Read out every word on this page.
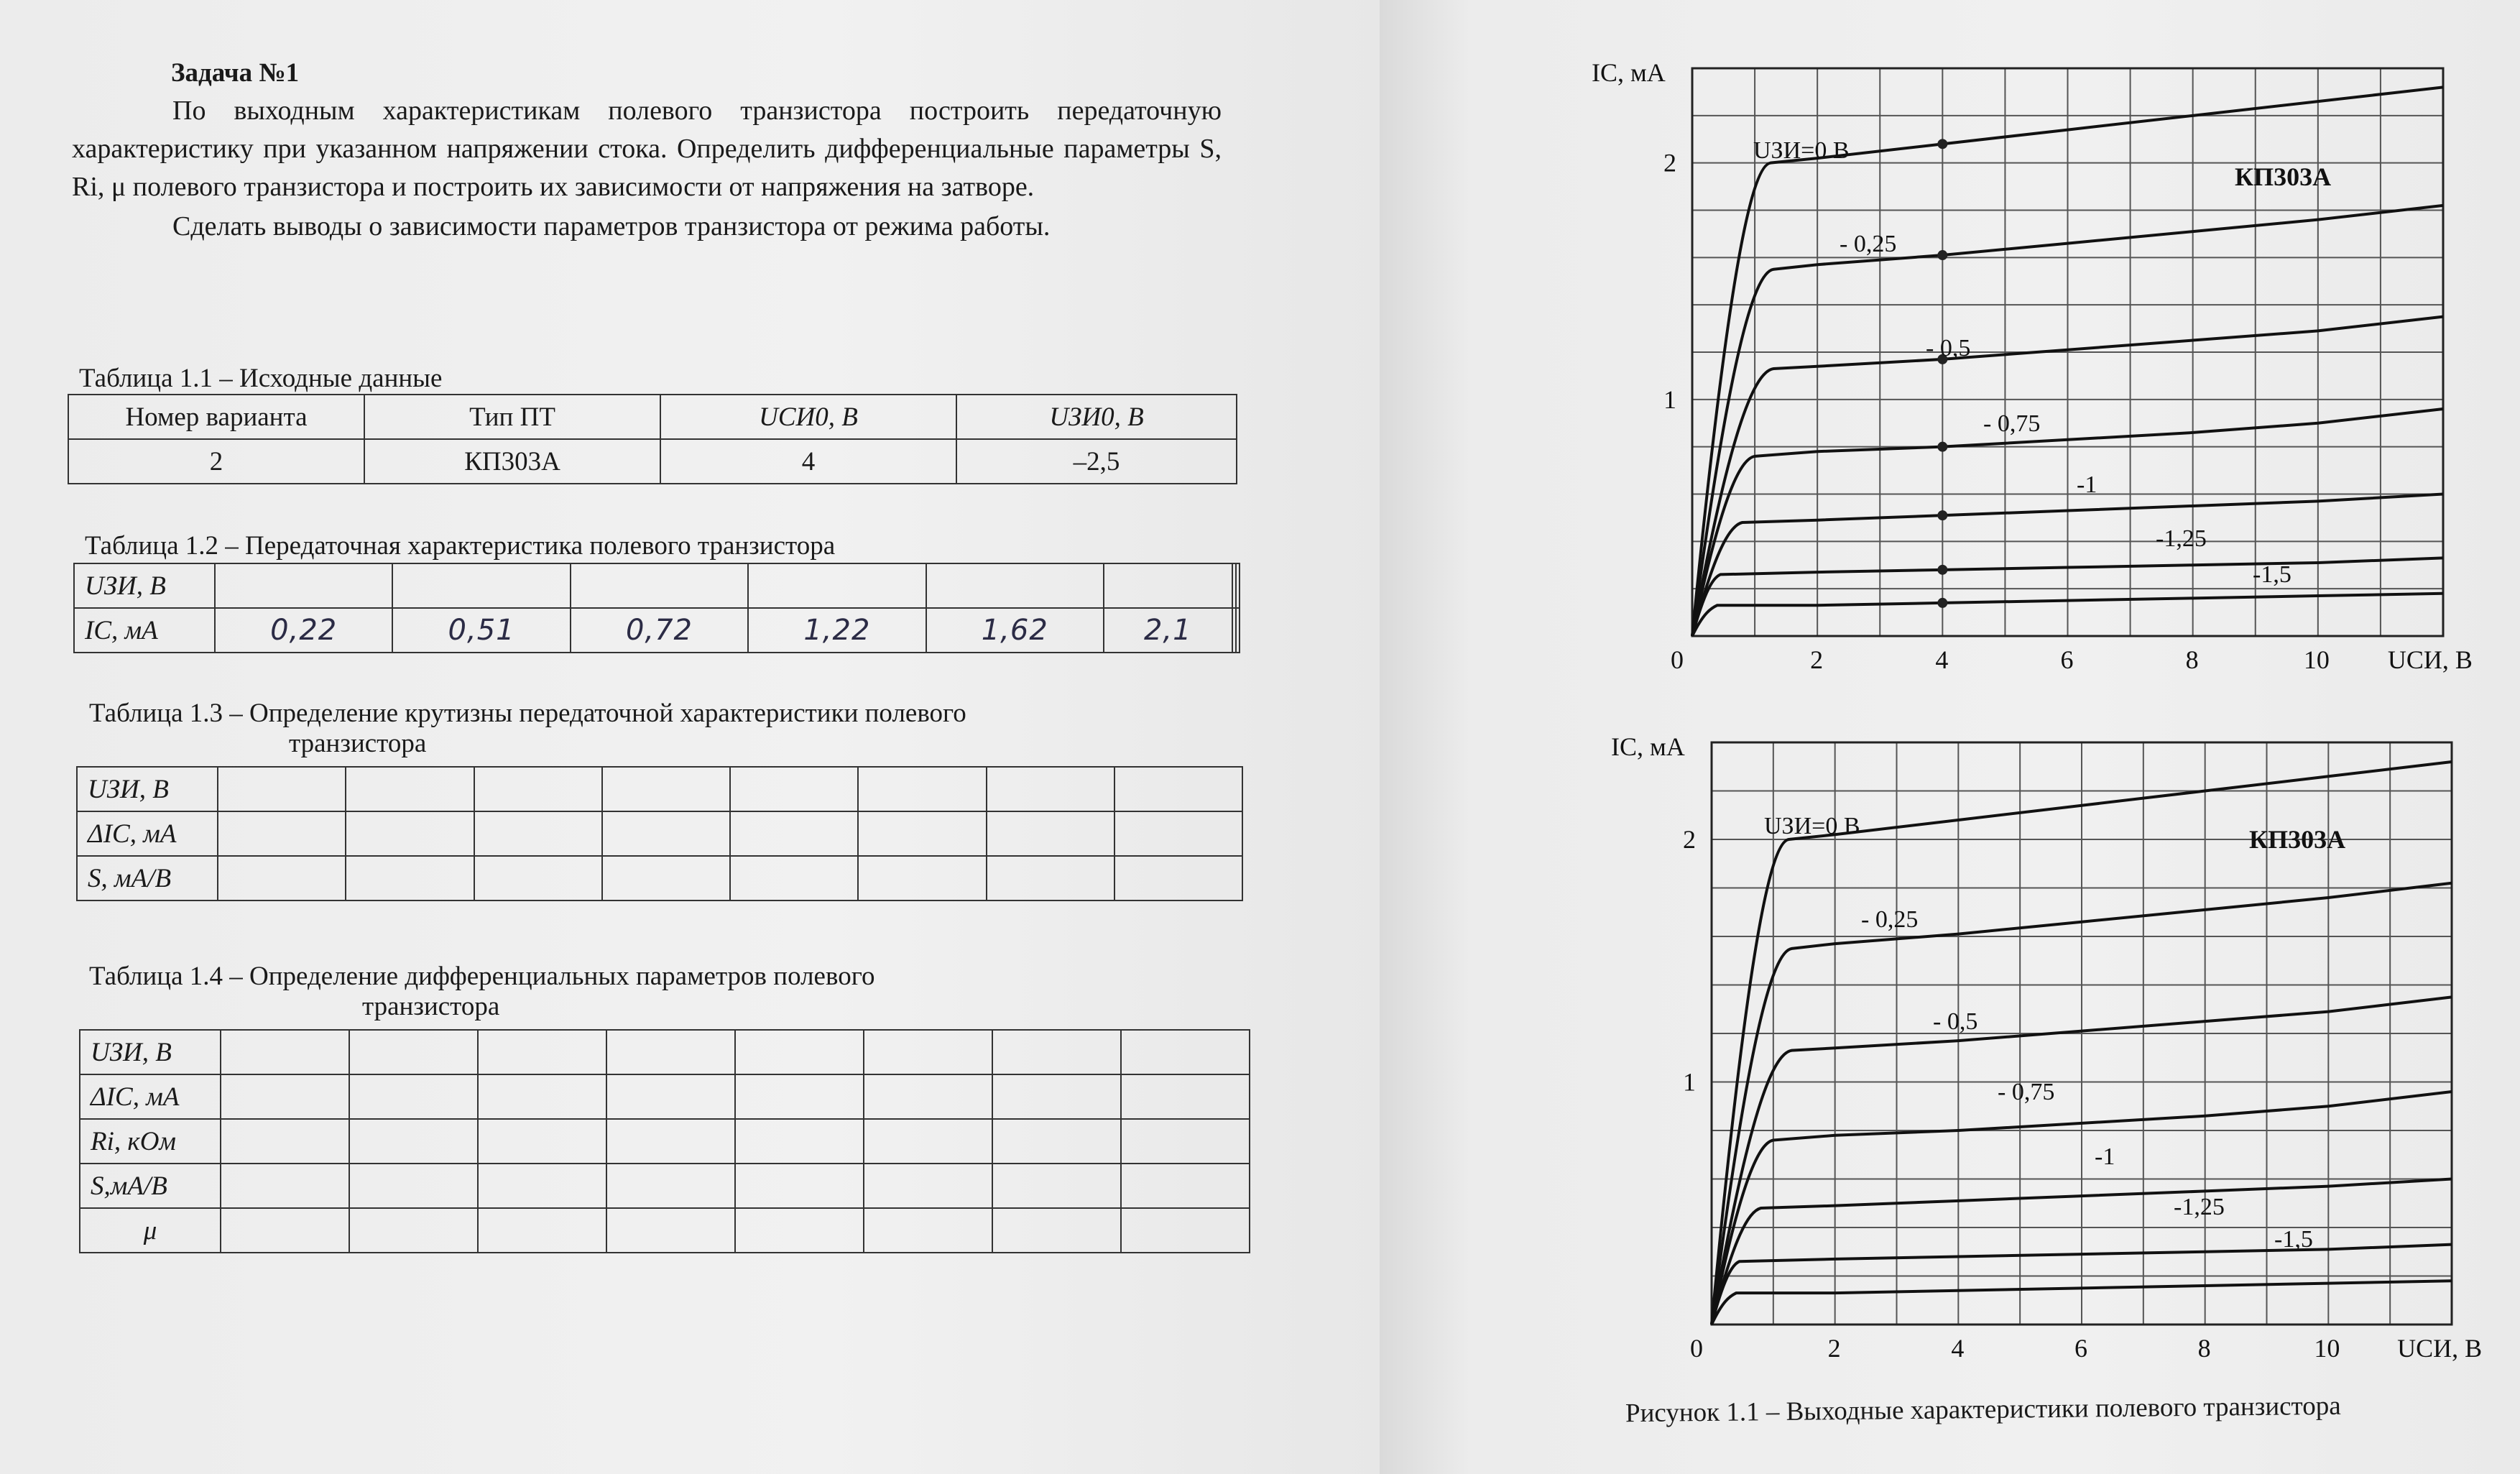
Задача №1

По выходным характеристикам полевого транзистора построить передаточную характеристику при указанном напряжении стока. Определить дифференциальные параметры S, Ri, μ полевого транзистора и построить их зависимости от напряжения на затворе.

Сделать выводы о зависимости параметров транзистора от режима работы.

Таблица 1.1 – Исходные данные
Номер варианта	Тип ПТ	UСИ0, В	UЗИ0, В
2	КП303А	4	–2,5
Таблица 1.2 – Передаточная характеристика полевого транзистора
UЗИ, В								
IC, мА	0,22	0,51	0,72	1,22	1,62	2,1		
Таблица 1.3 – Определение крутизны передаточной характеристики полевого
транзистора
UЗИ, В								
ΔIC, мА								
S, мА/В								
Таблица 1.4 – Определение дифференциальных параметров полевого
транзистора
UЗИ, В								
ΔIC, мА								
Ri, кОм								
S,мА/В								
μ								
UЗИ=0 В
- 0,25
- 0,5
- 0,75
-1
-1,25
-1,5
КП303А
IС, мА
UСИ, В
0	2	4	6	8	10
1
2
UЗИ=0 В
- 0,25
- 0,5
- 0,75
-1
-1,25
-1,5
КП303А
IС, мА
UСИ, В
0	2	4	6	8	10
1
2
Рисунок 1.1 – Выходные характеристики полевого транзистора
